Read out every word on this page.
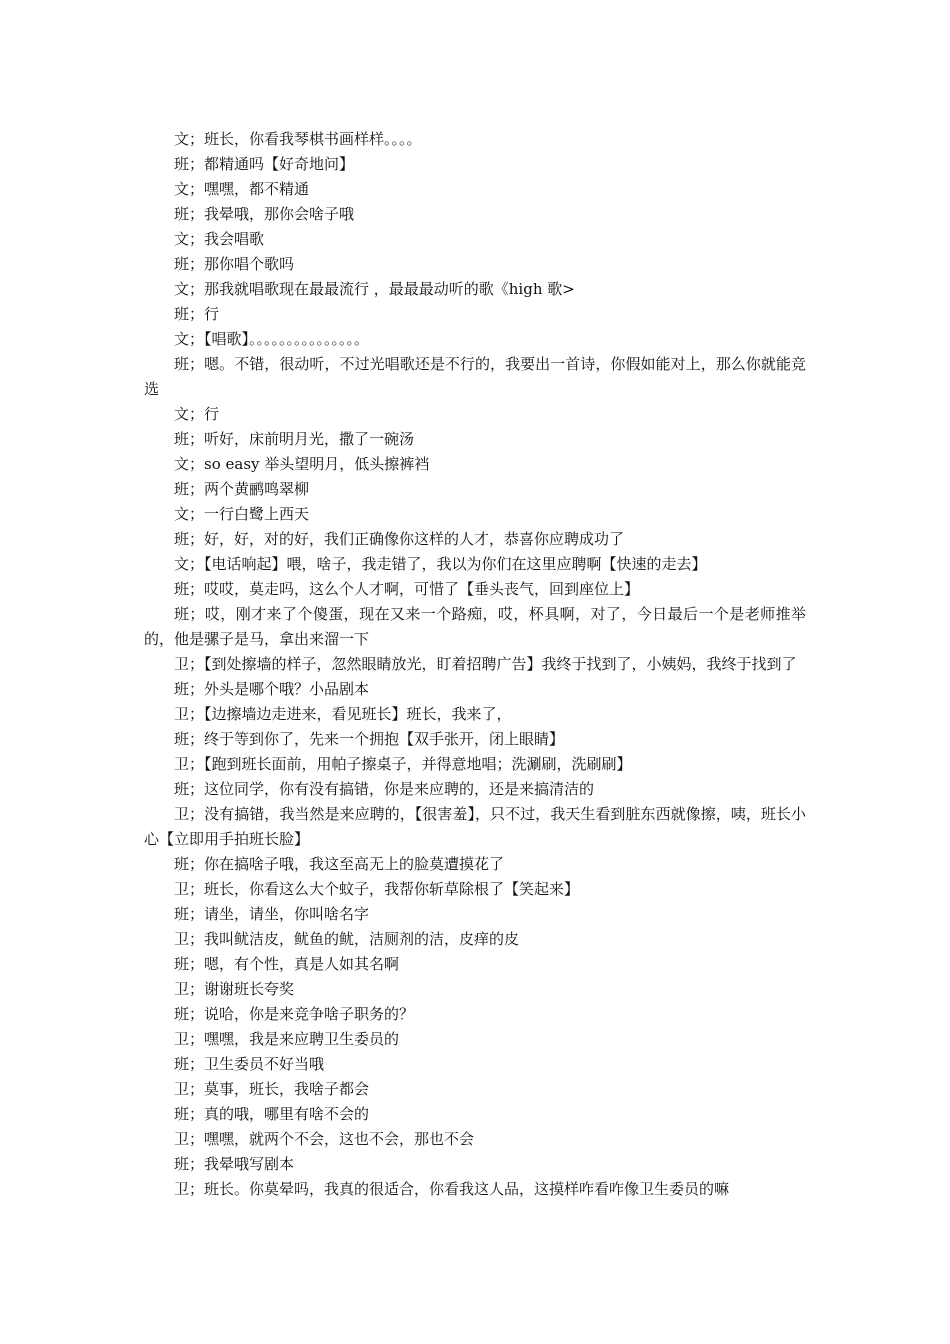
文；班长，你看我琴棋书画样样。。。。

班；都精通吗【好奇地问】

文；嘿嘿，都不精通

班；我晕哦，那你会啥子哦

文；我会唱歌

班；那你唱个歌吗

文；那我就唱歌现在最最流行 ，最最最动听的歌《high 歌>

班；行

文；【唱歌】。。。。。。。。。。。。。。。

班；嗯。不错，很动听，不过光唱歌还是不行的，我要出一首诗，你假如能对上，那么你就能竞选

文；行

班；听好，床前明月光，撒了一碗汤

文；so easy 举头望明月，低头擦裤裆

班；两个黄鹂鸣翠柳

文；一行白鹭上西天

班；好，好，对的好，我们正确像你这样的人才，恭喜你应聘成功了

文；【电话响起】喂，啥子，我走错了，我以为你们在这里应聘啊【快速的走去】

班；哎哎，莫走吗，这么个人才啊，可惜了【垂头丧气，回到座位上】

班；哎，刚才来了个傻蛋，现在又来一个路痴，哎，杯具啊，对了，今日最后一个是老师推举的，他是骡子是马，拿出来溜一下

卫；【到处擦墙的样子，忽然眼睛放光，盯着招聘广告】我终于找到了，小姨妈，我终于找到了

班；外头是哪个哦？小品剧本

卫；【边擦墙边走进来，看见班长】班长，我来了，

班；终于等到你了，先来一个拥抱【双手张开，闭上眼睛】

卫；【跑到班长面前，用帕子擦桌子，并得意地唱；洗涮刷，洗刷刷】

班；这位同学，你有没有搞错，你是来应聘的，还是来搞清洁的

卫；没有搞错，我当然是来应聘的，【很害羞】，只不过，我天生看到脏东西就像擦，咦，班长小心【立即用手拍班长脸】

班；你在搞啥子哦，我这至高无上的脸莫遭摸花了

卫；班长，你看这么大个蚊子，我帮你斩草除根了【笑起来】

班；请坐，请坐，你叫啥名字

卫；我叫鱿洁皮，鱿鱼的鱿，洁厕剂的洁，皮痒的皮

班；嗯，有个性，真是人如其名啊

卫；谢谢班长夸奖

班；说哈，你是来竞争啥子职务的？

卫；嘿嘿，我是来应聘卫生委员的

班；卫生委员不好当哦

卫；莫事，班长，我啥子都会

班；真的哦，哪里有啥不会的

卫；嘿嘿，就两个不会，这也不会，那也不会

班；我晕哦写剧本

卫；班长。你莫晕吗，我真的很适合，你看我这人品，这摸样咋看咋像卫生委员的嘛
